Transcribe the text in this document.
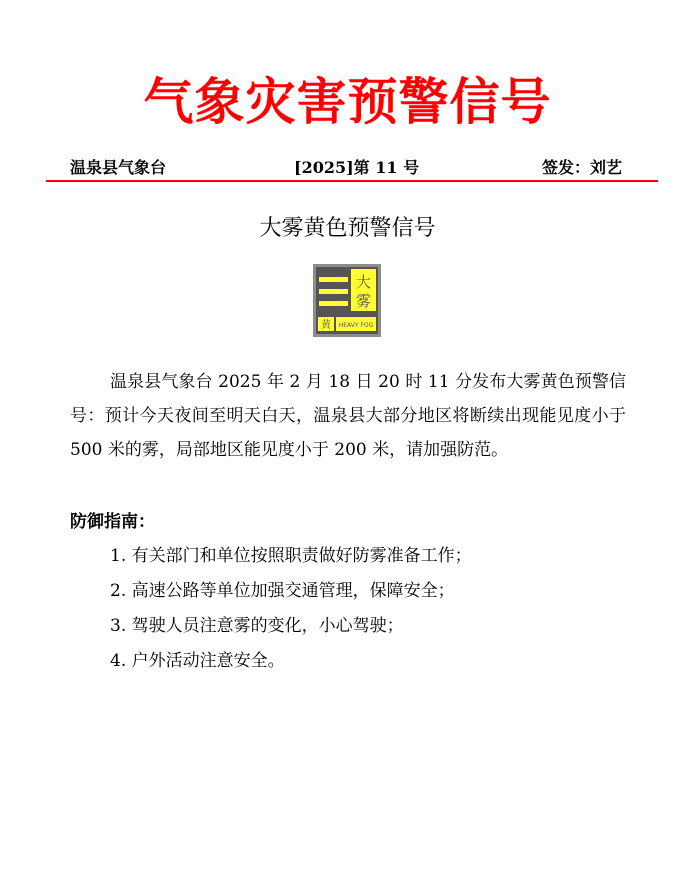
气象灾害预警信号
温泉县气象台	[2025]第 11 号	签发：刘艺
大雾黄色预警信号
大
雾
黄 HEAVY FOG
温泉县气象台 2025 年 2 月 18 日 20 时 11 分发布大雾黄色预警信号：预计今天夜间至明天白天，温泉县大部分地区将断续出现能见度小于 500 米的雾，局部地区能见度小于 200 米，请加强防范。
防御指南：
1. 有关部门和单位按照职责做好防雾准备工作；
2. 高速公路等单位加强交通管理，保障安全；
3. 驾驶人员注意雾的变化，小心驾驶；
4. 户外活动注意安全。
